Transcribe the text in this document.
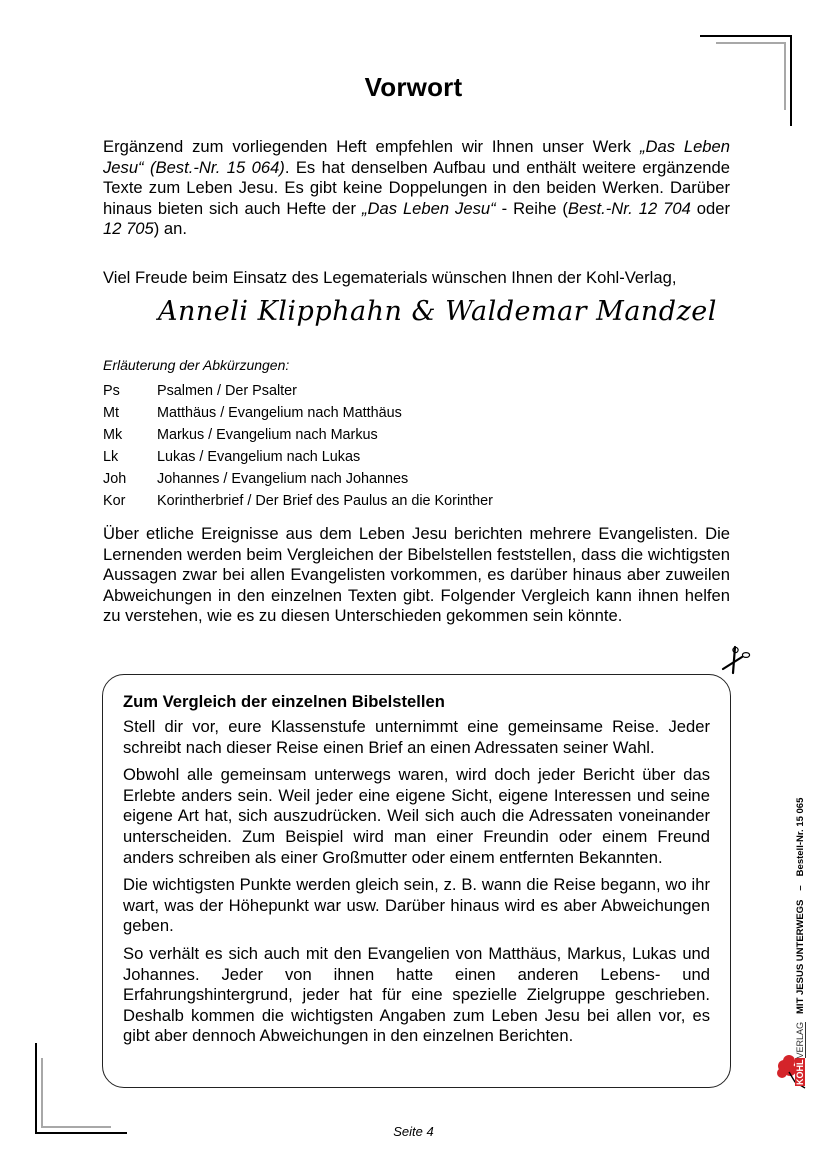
Vorwort
Ergänzend zum vorliegenden Heft empfehlen wir Ihnen unser Werk „Das Leben Jesu“ (Best.-Nr. 15 064). Es hat denselben Aufbau und enthält weitere ergänzende Texte zum Leben Jesu. Es gibt keine Doppelungen in den beiden Werken. Darüber hinaus bieten sich auch Hefte der „Das Leben Jesu“ - Reihe (Best.-Nr. 12 704 oder 12 705) an.
Viel Freude beim Einsatz des Legematerials wünschen Ihnen der Kohl-Verlag,
Anneli Klipphahn & Waldemar Mandzel
Erläuterung der Abkürzungen:
Ps	Psalmen / Der Psalter
Mt	Matthäus / Evangelium nach Matthäus
Mk	Markus / Evangelium nach Markus
Lk	Lukas / Evangelium nach Lukas
Joh	Johannes / Evangelium nach Johannes
Kor	Korintherbrief / Der Brief des Paulus an die Korinther
Über etliche Ereignisse aus dem Leben Jesu berichten mehrere Evangelisten. Die Lernenden werden beim Vergleichen der Bibelstellen feststellen, dass die wichtigsten Aussagen zwar bei allen Evangelisten vorkommen, es darüber hinaus aber zuweilen Abweichungen in den einzelnen Texten gibt. Folgender Vergleich kann ihnen helfen zu verstehen, wie es zu diesen Unterschieden gekommen sein könnte.
Zum Vergleich der einzelnen Bibelstellen

Stell dir vor, eure Klassenstufe unternimmt eine gemeinsame Reise. Jeder schreibt nach dieser Reise einen Brief an einen Adressaten seiner Wahl.

Obwohl alle gemeinsam unterwegs waren, wird doch jeder Bericht über das Erlebte anders sein. Weil jeder eine eigene Sicht, eigene Interessen und seine eigene Art hat, sich auszudrücken. Weil sich auch die Adressaten voneinander unterscheiden. Zum Beispiel wird man einer Freundin oder einem Freund anders schreiben als einer Großmutter oder einem entfernten Bekannten.

Die wichtigsten Punkte werden gleich sein, z. B. wann die Reise begann, wo ihr wart, was der Höhepunkt war usw. Darüber hinaus wird es aber Abweichungen geben.

So verhält es sich auch mit den Evangelien von Matthäus, Markus, Lukas und Johannes. Jeder von ihnen hatte einen anderen Lebens- und Erfahrungshintergrund, jeder hat für eine spezielle Zielgruppe geschrieben. Deshalb kommen die wichtigsten Angaben zum Leben Jesu bei allen vor, es gibt aber dennoch Abweichungen in den einzelnen Berichten.

KOHL
VERLAG
MIT JESUS UNTERWEGS
–
Bestell-Nr. 15 065
Seite 4
